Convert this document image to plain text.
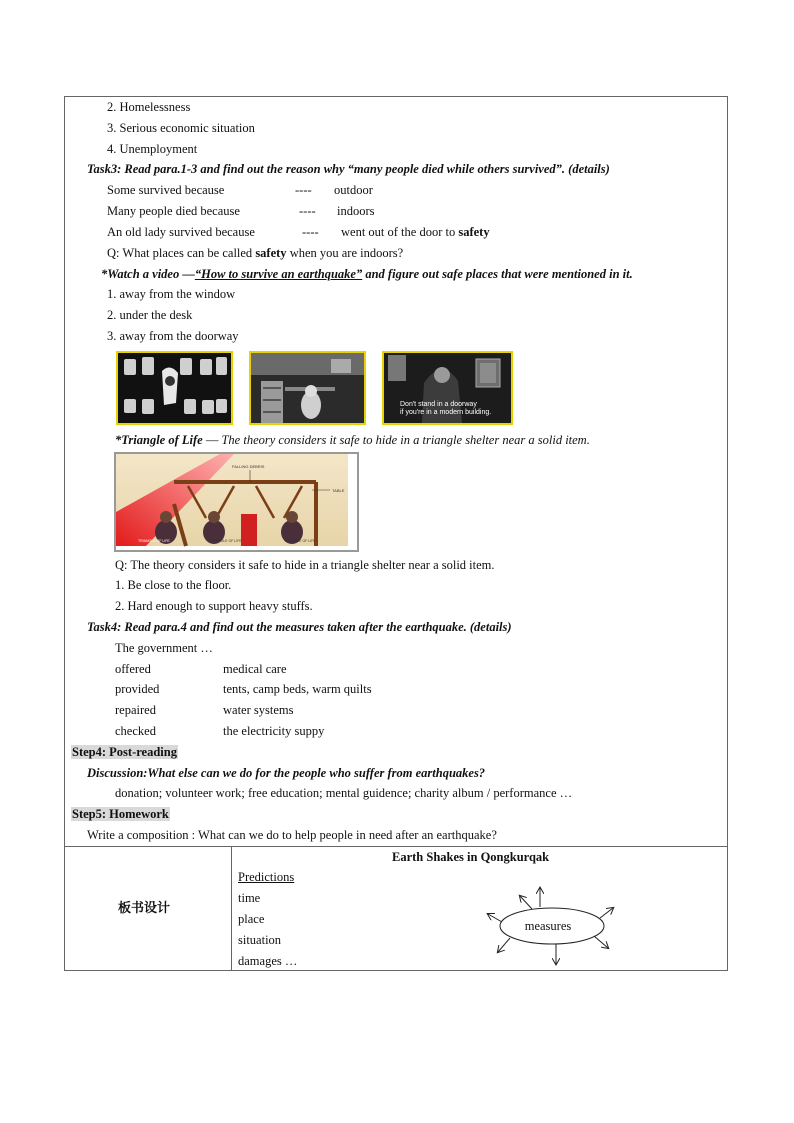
2. Homelessness
3. Serious economic situation
4. Unemployment
Task3: Read para.1-3 and find out the reason why “many people died while others survived”. (details)
Some survived because	---- outdoor
Many people died because	---- indoors
An old lady survived because	---- went out of the door to safety
Q: What places can be called safety when you are indoors?
*Watch a video —“How to survive an earthquake” and figure out safe places that were mentioned in it.
1. away from the window
2. under the desk
3. away from the doorway
Don't stand in a doorway
if you're in a modern building.
*Triangle of Life — The theory considers it safe to hide in a triangle shelter near a solid item.
FALLING DEBRIS
TABLE
TRIANGLE OF LIFE	TRIANGLE OF LIFE	TRIANGLE OF LIFE
Q: The theory considers it safe to hide in a triangle shelter near a solid item.
1. Be close to the floor.
2. Hard enough to support heavy stuffs.
Task4: Read para.4 and find out the measures taken after the earthquake. (details)
The government …
offered	medical care
provided	tents, camp beds, warm quilts
repaired	water systems
checked	the electricity suppy
Step4: Post-reading
Discussion:What else can we do for the people who suffer from earthquakes?
donation; volunteer work; free education; mental guidence; charity album / performance …
Step5: Homework
Write a composition : What can we do to help people in need after an earthquake?
板书设计
Earth Shakes in Qongkurqak
Predictions
time
place
situation
damages …
measures
